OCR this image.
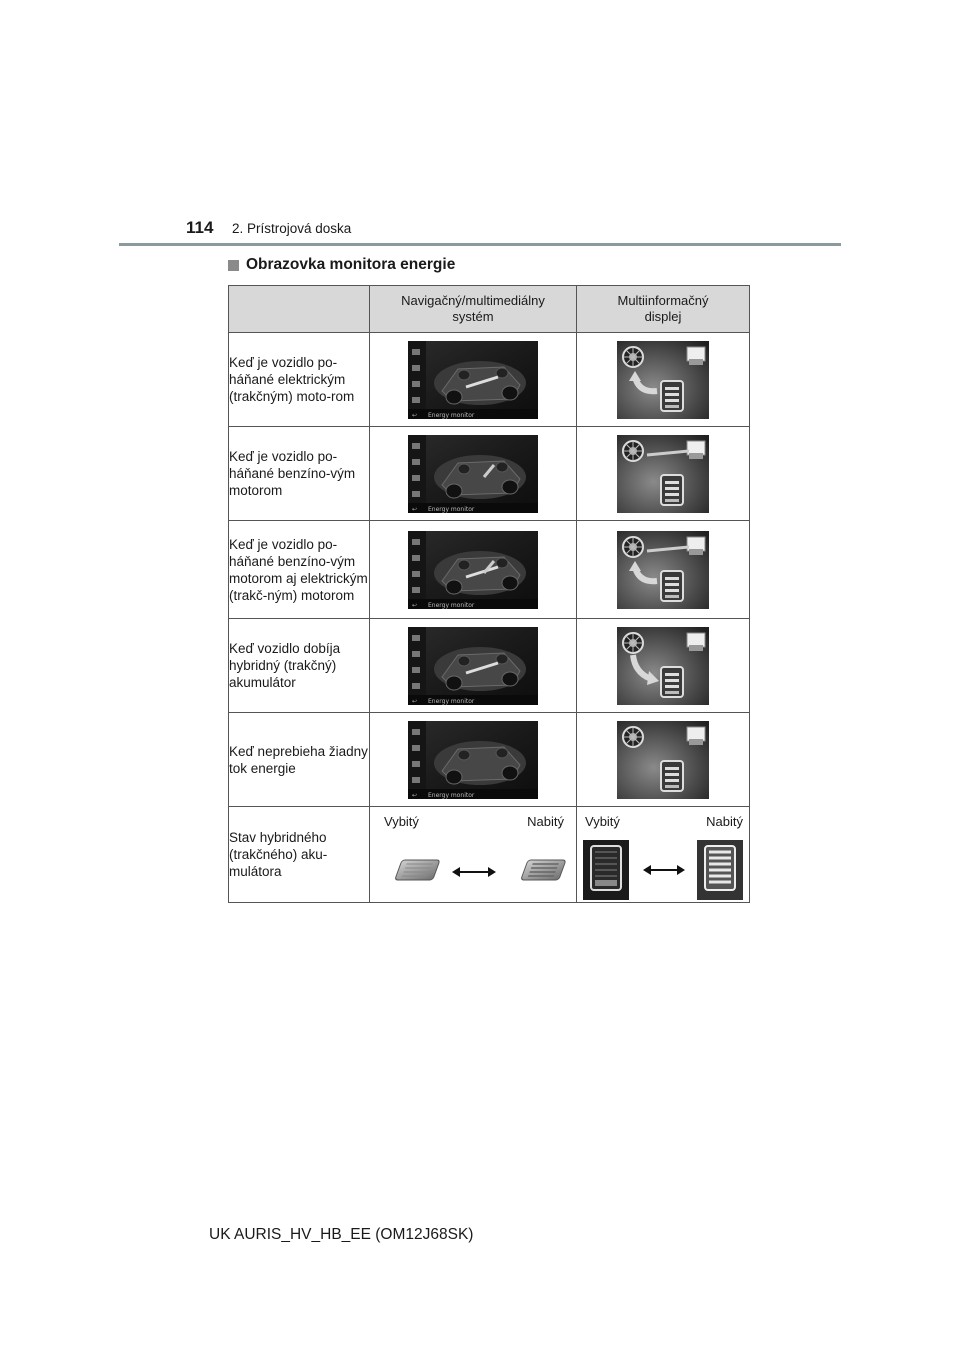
114 2. Prístrojová doska
Obrazovka monitora energie

	Navigačný/multimediálny systém	Multiinformačný displej

Keď je vozidlo po-háňané elektrickým (trakčným) moto-rom	↩ Energy monitor

Keď je vozidlo po-háňané benzíno-vým motorom	↩ Energy monitor

Keď je vozidlo po-háňané benzíno-vým motorom aj elektrickým (trakč-ným) motorom	↩ Energy monitor

Keď vozidlo dobíja hybridný (trakčný) akumulátor	↩ Energy monitor

Keď neprebieha žiadny tok energie	↩ Energy monitor

Stav hybridného (trakčného) aku-mulátora	Vybitý Nabitý	Vybitý Nabitý
UK AURIS_HV_HB_EE (OM12J68SK)
